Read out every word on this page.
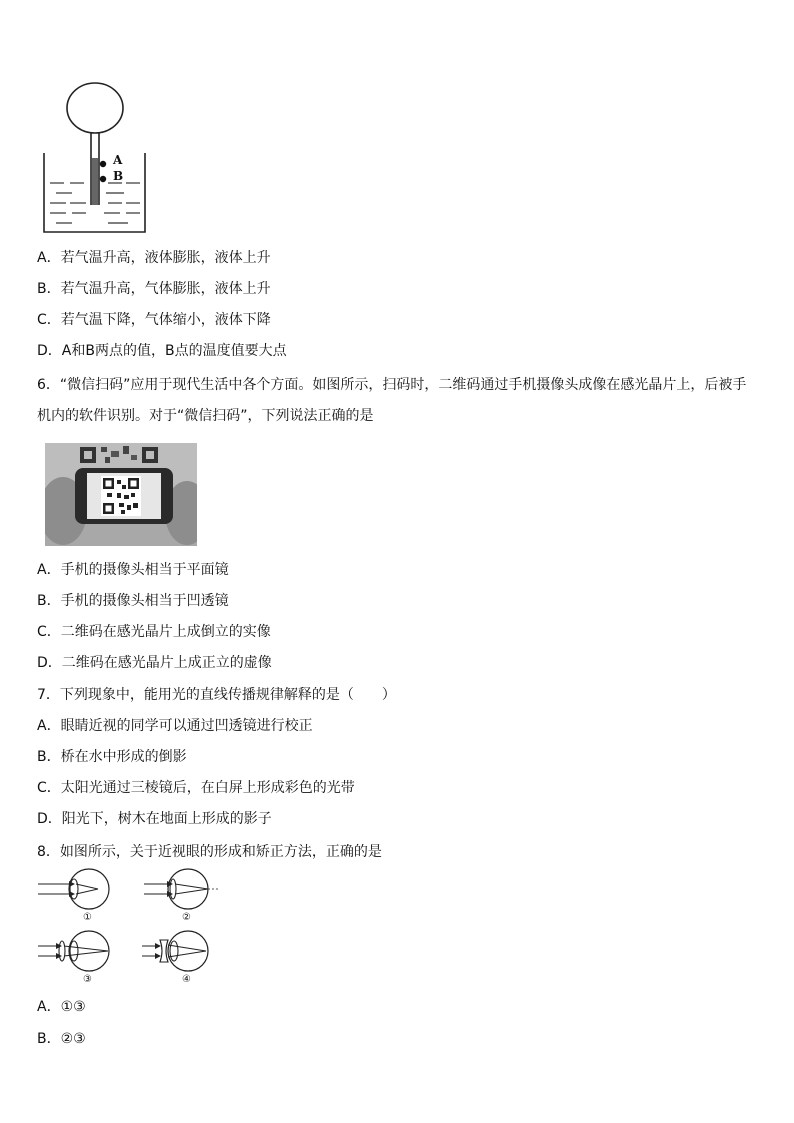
A
B
A．若气温升高，液体膨胀，液体上升
B．若气温升高，气体膨胀，液体上升
C．若气温下降，气体缩小，液体下降
D．A和B两点的值，B点的温度值要大点
6．“微信扫码”应用于现代生活中各个方面。如图所示，扫码时，二维码通过手机摄像头成像在感光晶片上，后被手
机内的软件识别。对于“微信扫码”，下列说法正确的是
A．手机的摄像头相当于平面镜
B．手机的摄像头相当于凹透镜
C．二维码在感光晶片上成倒立的实像
D．二维码在感光晶片上成正立的虚像
7．下列现象中，能用光的直线传播规律解释的是（　　）
A．眼睛近视的同学可以通过凹透镜进行校正
B．桥在水中形成的倒影
C．太阳光通过三棱镜后，在白屏上形成彩色的光带
D．阳光下，树木在地面上形成的影子
8．如图所示，关于近视眼的形成和矫正方法，正确的是
①	②
③	④
A．①③
B．②③
